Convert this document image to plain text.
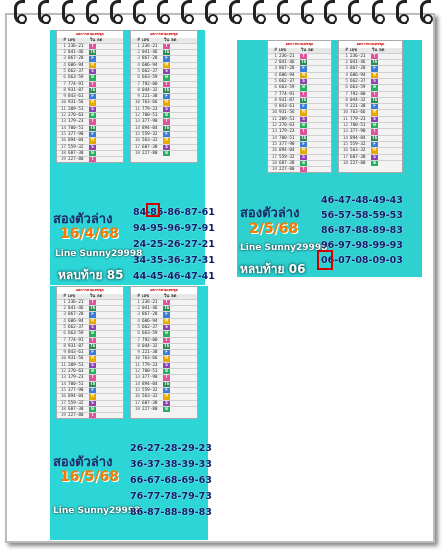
ผลการหวยเลขชุด
# เลข	วิน ลด
1 236-21	T
2 041-46	Th
3 867-28	F
4 606-94	M
5 662-37	S
6 663-59	W
7 774-91	T
8 931-87	Th
9 843-61	F
10 931-56	M
11 209-51	S
12 270-63	W
13 179-23	T
14 700-51	Th
15 377-90	F
16 894-04	M
17 559-32	S
18 687-38	W
19 227-80	T
ผลการหวยเลขชุด
# เลข	วิน ลด
1 236-21	T
2 041-46	Th
3 867-28	F
4 606-94	M
5 662-37	S
6 663-59	W
7 792-00	T
8 044-32	Th
9 221-38	F
10 763-66	M
11 779-23	S
12 700-51	W
13 377-90	T
14 894-04	Th
15 559-32	F
16 563-32	M
17 687-38	S
18 227-80	W
สองตัวล่าง
16/4/68
Line Sunny29998
หลบท้าย 85
84-85-86-87-61
94-95-96-97-91
24-25-26-27-21
34-35-36-37-31
44-45-46-47-41
ผลการหวยเลขชุด
# เลข	วิน ลด
1 236-21	T
2 041-46	Th
3 867-28	F
4 606-94	M
5 662-37	S
6 663-59	W
7 774-91	T
8 931-87	Th
9 843-61	F
10 931-56	M
11 209-51	S
12 270-63	W
13 179-23	T
14 700-51	Th
15 377-90	F
16 894-04	M
17 559-32	S
18 687-38	W
19 227-80	T
ผลการหวยเลขชุด
# เลข	วิน ลด
1 236-21	T
2 041-46	Th
3 867-28	F
4 606-94	M
5 662-37	S
6 663-59	W
7 792-00	T
8 044-32	Th
9 221-38	F
10 763-66	M
11 779-23	S
12 700-51	W
13 377-90	T
14 894-04	Th
15 559-32	F
16 563-32	M
17 687-38	S
18 227-80	W
สองตัวล่าง
2/5/68
Line Sunny29998
หลบท้าย 06
46-47-48-49-43
56-57-58-59-53
86-87-88-89-83
96-97-98-99-93
06-07-08-09-03
ผลการหวยเลขชุด
# เลข	วิน ลด
1 236-21	T
2 041-46	Th
3 867-28	F
4 606-94	M
5 662-37	S
6 663-59	W
7 774-91	T
8 931-87	Th
9 843-61	F
10 931-56	M
11 209-51	S
12 270-63	W
13 179-23	T
14 700-51	Th
15 377-90	F
16 894-04	M
17 559-32	S
18 687-38	W
19 227-80	T
ผลการหวยเลขชุด
# เลข	วิน ลด
1 236-21	T
2 041-46	Th
3 867-28	F
4 606-94	M
5 662-37	S
6 663-59	W
7 792-00	T
8 044-32	Th
9 221-38	F
10 763-66	M
11 779-23	S
12 700-51	W
13 377-90	T
14 894-04	Th
15 559-32	F
16 563-32	M
17 687-38	S
18 227-80	W
สองตัวล่าง
16/5/68
Line Sunny29998
26-27-28-29-23
36-37-38-39-33
66-67-68-69-63
76-77-78-79-73
86-87-88-89-83
